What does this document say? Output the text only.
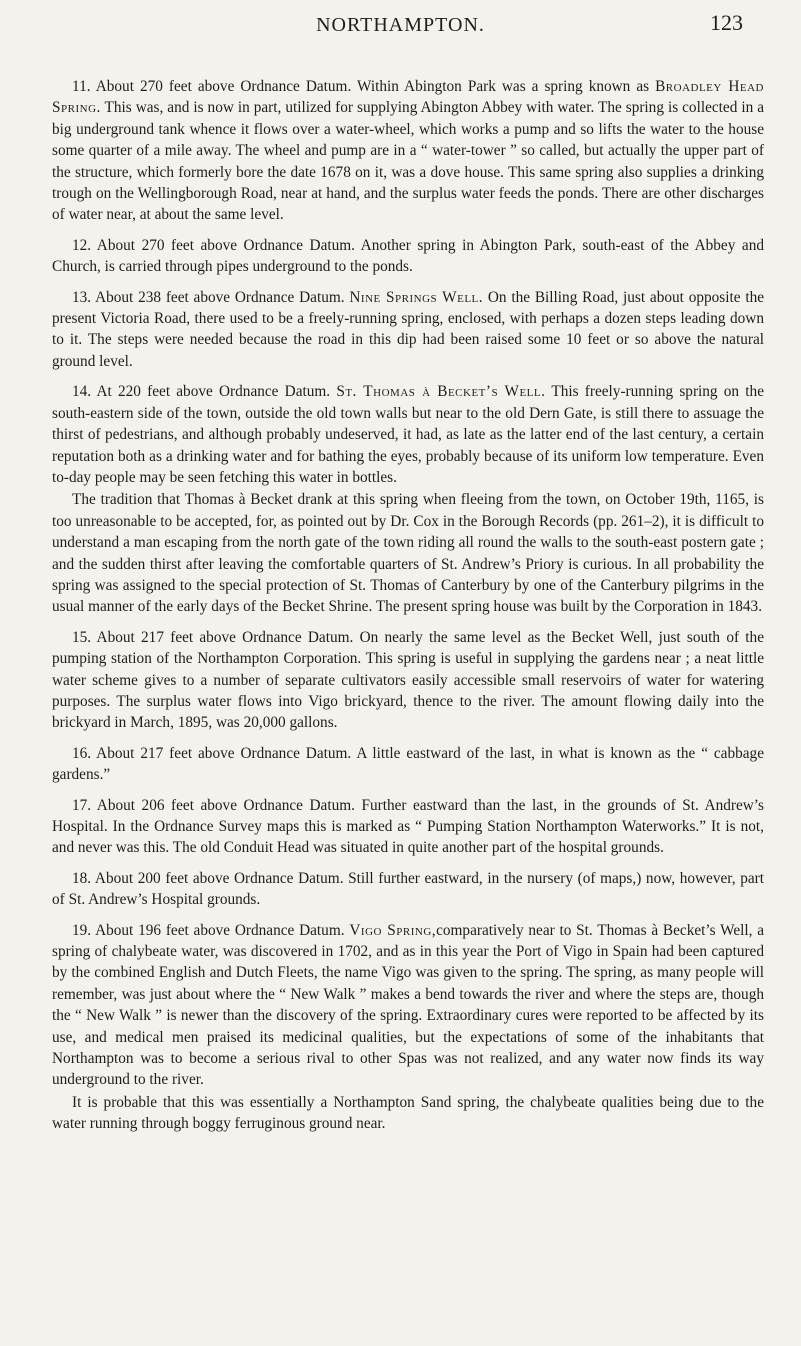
NORTHAMPTON.	123

11. About 270 feet above Ordnance Datum. Within Abington Park was a spring known as Broadley Head Spring. This was, and is now in part, utilized for supplying Abington Abbey with water. The spring is collected in a big underground tank whence it flows over a water-wheel, which works a pump and so lifts the water to the house some quarter of a mile away. The wheel and pump are in a “ water-tower ” so called, but actually the upper part of the structure, which formerly bore the date 1678 on it, was a dove house. This same spring also supplies a drinking trough on the Wellingborough Road, near at hand, and the surplus water feeds the ponds. There are other discharges of water near, at about the same level.

12. About 270 feet above Ordnance Datum. Another spring in Abington Park, south-east of the Abbey and Church, is carried through pipes underground to the ponds.

13. About 238 feet above Ordnance Datum. Nine Springs Well. On the Billing Road, just about opposite the present Victoria Road, there used to be a freely-running spring, enclosed, with perhaps a dozen steps leading down to it. The steps were needed because the road in this dip had been raised some 10 feet or so above the natural ground level.

14. At 220 feet above Ordnance Datum. St. Thomas à Becket’s Well. This freely-running spring on the south-eastern side of the town, outside the old town walls but near to the old Dern Gate, is still there to assuage the thirst of pedestrians, and although probably undeserved, it had, as late as the latter end of the last century, a certain reputation both as a drinking water and for bathing the eyes, probably because of its uniform low temperature. Even to-day people may be seen fetching this water in bottles.

The tradition that Thomas à Becket drank at this spring when fleeing from the town, on October 19th, 1165, is too unreasonable to be accepted, for, as pointed out by Dr. Cox in the Borough Records (pp. 261–2), it is difficult to understand a man escaping from the north gate of the town riding all round the walls to the south-east postern gate ; and the sudden thirst after leaving the comfortable quarters of St. Andrew’s Priory is curious. In all probability the spring was assigned to the special protection of St. Thomas of Canterbury by one of the Canterbury pilgrims in the usual manner of the early days of the Becket Shrine. The present spring house was built by the Corporation in 1843.

15. About 217 feet above Ordnance Datum. On nearly the same level as the Becket Well, just south of the pumping station of the Northampton Corporation. This spring is useful in supplying the gardens near ; a neat little water scheme gives to a number of separate cultivators easily accessible small reservoirs of water for watering purposes. The surplus water flows into Vigo brickyard, thence to the river. The amount flowing daily into the brickyard in March, 1895, was 20,000 gallons.

16. About 217 feet above Ordnance Datum. A little eastward of the last, in what is known as the “ cabbage gardens.”

17. About 206 feet above Ordnance Datum. Further eastward than the last, in the grounds of St. Andrew’s Hospital. In the Ordnance Survey maps this is marked as “ Pumping Station Northampton Waterworks.” It is not, and never was this. The old Conduit Head was situated in quite another part of the hospital grounds.

18. About 200 feet above Ordnance Datum. Still further eastward, in the nursery (of maps,) now, however, part of St. Andrew’s Hospital grounds.

19. About 196 feet above Ordnance Datum. Vigo Spring,comparatively near to St. Thomas à Becket’s Well, a spring of chalybeate water, was discovered in 1702, and as in this year the Port of Vigo in Spain had been captured by the combined English and Dutch Fleets, the name Vigo was given to the spring. The spring, as many people will remember, was just about where the “ New Walk ” makes a bend towards the river and where the steps are, though the “ New Walk ” is newer than the discovery of the spring. Extraordinary cures were reported to be affected by its use, and medical men praised its medicinal qualities, but the expectations of some of the inhabitants that Northampton was to become a serious rival to other Spas was not realized, and any water now finds its way underground to the river.

It is probable that this was essentially a Northampton Sand spring, the chalybeate qualities being due to the water running through boggy ferruginous ground near.
